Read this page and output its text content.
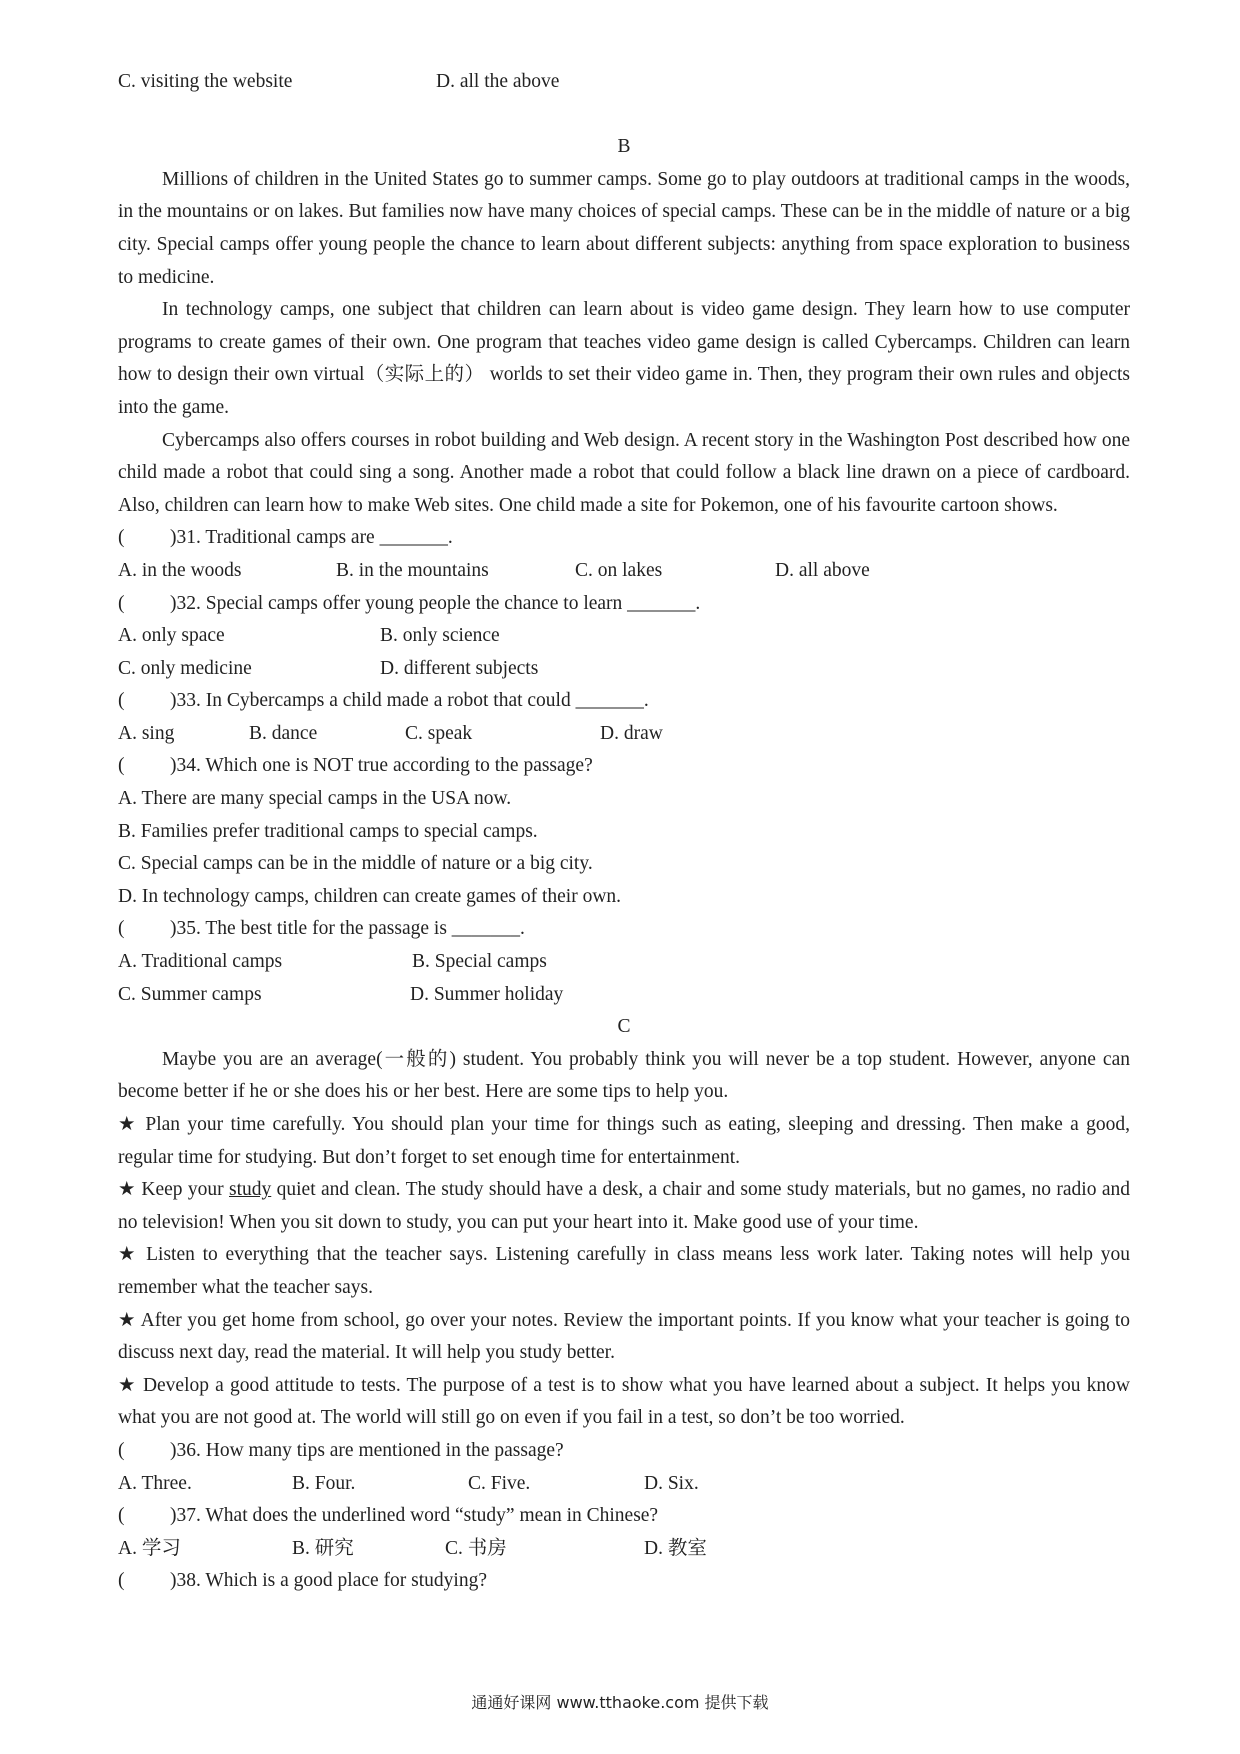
C. visiting the website	D. all the above
B

Millions of children in the United States go to summer camps. Some go to play outdoors at traditional camps in the woods, in the mountains or on lakes. But families now have many choices of special camps. These can be in the middle of nature or a big city. Special camps offer young people the chance to learn about different subjects: anything from space exploration to business to medicine.

In technology camps, one subject that children can learn about is video game design. They learn how to use computer programs to create games of their own. One program that teaches video game design is called Cybercamps. Children can learn how to design their own virtual（实际上的） worlds to set their video game in. Then, they program their own rules and objects into the game.

Cybercamps also offers courses in robot building and Web design. A recent story in the Washington Post described how one child made a robot that could sing a song. Another made a robot that could follow a black line drawn on a piece of cardboard. Also, children can learn how to make Web sites. One child made a site for Pokemon, one of his favourite cartoon shows.

( )31. Traditional camps are _______.
A. in the woods	B. in the mountains	C. on lakes	D. all above
( )32. Special camps offer young people the chance to learn _______.
A. only space	B. only science
C. only medicine	D. different subjects
( )33. In Cybercamps a child made a robot that could _______.
A. sing	B. dance	C. speak	D. draw
( )34. Which one is NOT true according to the passage?
A. There are many special camps in the USA now.
B. Families prefer traditional camps to special camps.
C. Special camps can be in the middle of nature or a big city.
D. In technology camps, children can create games of their own.
( )35. The best title for the passage is _______.
A. Traditional camps	B. Special camps
C. Summer camps	D. Summer holiday
C

Maybe you are an average(一般的) student. You probably think you will never be a top student. However, anyone can become better if he or she does his or her best. Here are some tips to help you.

★ Plan your time carefully. You should plan your time for things such as eating, sleeping and dressing. Then make a good, regular time for studying. But don’t forget to set enough time for entertainment.

★ Keep your study quiet and clean. The study should have a desk, a chair and some study materials, but no games, no radio and no television! When you sit down to study, you can put your heart into it. Make good use of your time.

★ Listen to everything that the teacher says. Listening carefully in class means less work later. Taking notes will help you remember what the teacher says.

★ After you get home from school, go over your notes. Review the important points. If you know what your teacher is going to discuss next day, read the material. It will help you study better.

★ Develop a good attitude to tests. The purpose of a test is to show what you have learned about a subject. It helps you know what you are not good at. The world will still go on even if you fail in a test, so don’t be too worried.

( )36. How many tips are mentioned in the passage?
A. Three.	B. Four.	C. Five.	D. Six.
( )37. What does the underlined word “study” mean in Chinese?
A. 学习	B. 研究	C. 书房	D. 教室
( )38. Which is a good place for studying?
通通好课网 www.tthaoke.com 提供下载
